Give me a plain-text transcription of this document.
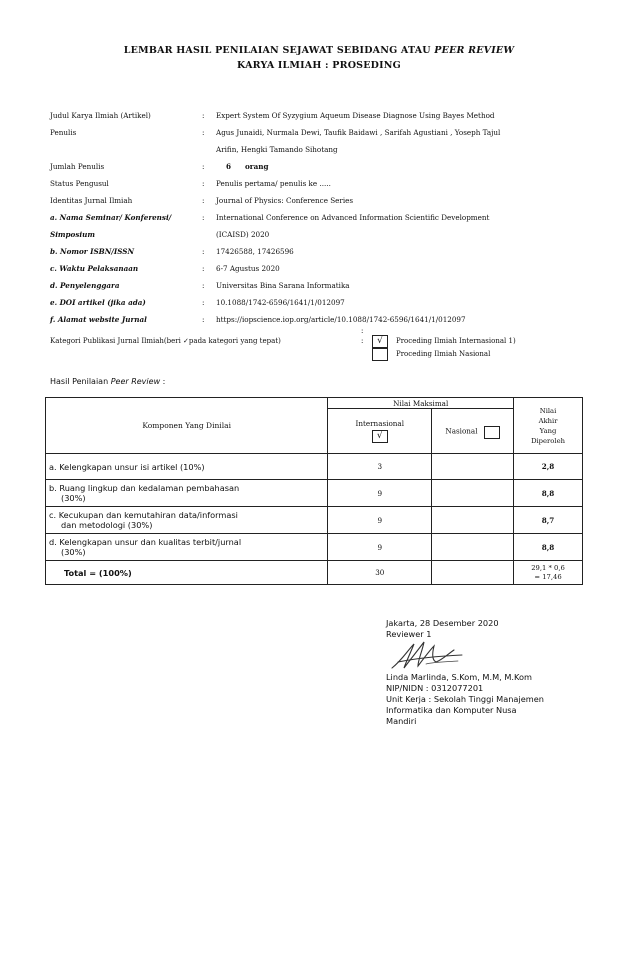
LEMBAR HASIL PENILAIAN SEJAWAT SEBIDANG ATAU PEER REVIEW
KARYA ILMIAH : PROSEDING
Judul Karya Ilmiah (Artikel)	: Expert System Of Syzygium Aqueum Disease Diagnose Using Bayes Method
Penulis	: Agus Junaidi, Nurmala Dewi, Taufik Baidawi , Sarifah Agustiani , Yoseph Tajul
Arifin, Hengki Tamando Sihotang
Jumlah Penulis	:	6 orang
Status Pengusul	: Penulis pertama/ penulis ke .....
Identitas Jurnal Ilmiah	: Journal of Physics: Conference Series
a. Nama Seminar/ Konferensi/
Simposium
: International Conference on Advanced Information Scientific Development
(ICAISD) 2020
b. Nomor ISBN/ISSN	: 17426588, 17426596
c. Waktu Pelaksanaan	: 6-7 Agustus 2020
d. Penyelenggara	: Universitas Bina Sarana Informatika
e. DOI artikel (jika ada)	: 10.1088/1742-6596/1641/1/012097
f. Alamat website Jurnal	: https://iopscience.iop.org/article/10.1088/1742-6596/1641/1/012097
Kategori Publikasi Jurnal Ilmiah(beri ✓pada kategori yang tepat)
:
:	√	Proceding Ilmiah Internasional 1)
Proceding Ilmiah Nasional
Hasil Penilaian Peer Review :
Komponen Yang Dinilai	Nilai Maksimal		Nilai
Akhir
Yang
Diperoleh
	Internasional
√	Nasional	
a. Kelengkapan unsur isi artikel (10%)	3		2,8
b. Ruang lingkup dan kedalaman pembahasan
(30%)	9		8,8
c. Kecukupan dan kemutahiran data/informasi
dan metodologi (30%)	9		8,7
d. Kelengkapan unsur dan kualitas terbit/jurnal
(30%)	9		8,8
Total = (100%)	30		29,1 * 0,6
= 17,46
Jakarta, 28 Desember 2020
Reviewer 1
Linda Marlinda, S.Kom, M.M, M.Kom
NIP/NIDN : 0312077201
Unit Kerja : Sekolah Tinggi Manajemen
Informatika dan Komputer Nusa
Mandiri
